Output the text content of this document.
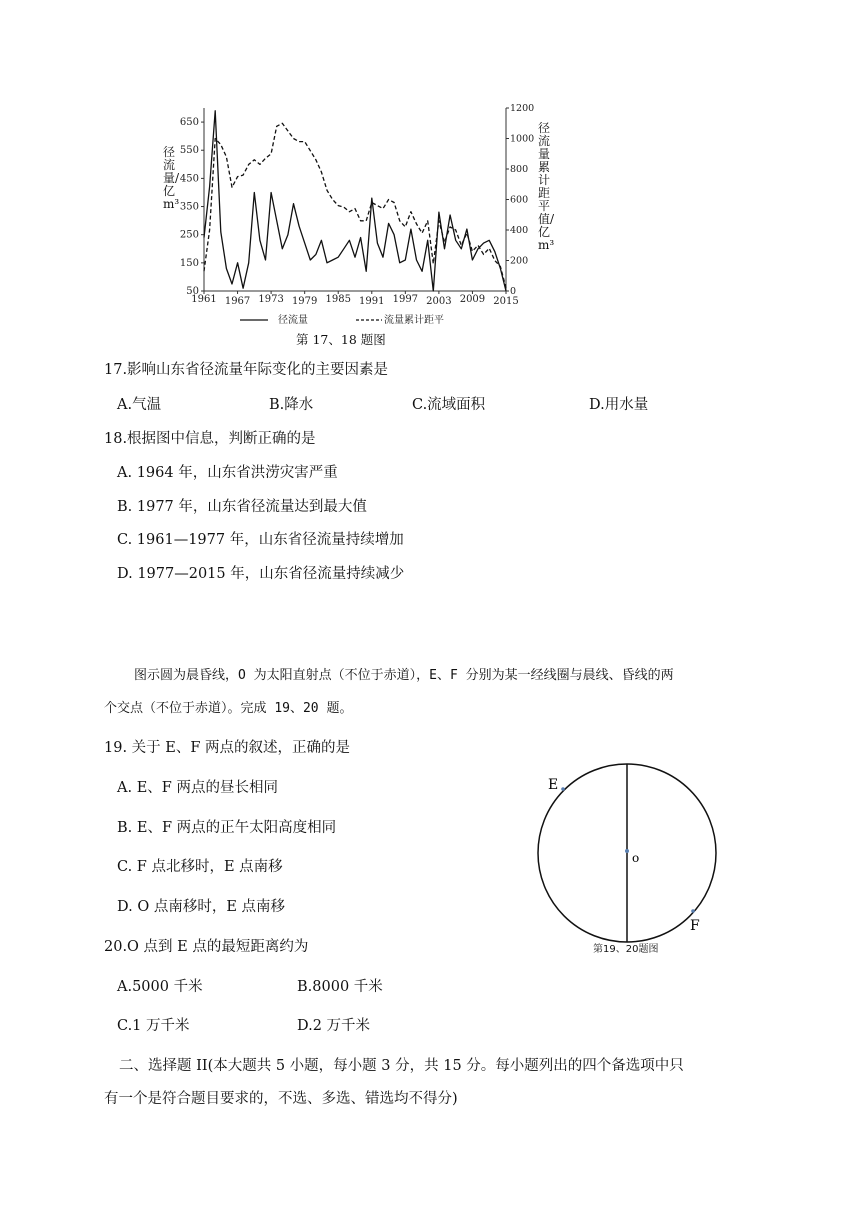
50
150
250
350
450
550
650
0
200
400
600
800
1000
1200
1961 1967 1973 1979 1985 1991 1997 2003 2009 2015
径流量	流量累计距平
径流量/亿m³
径流量累计距平值/亿m³
第 17、18 题图
17.影响山东省径流量年际变化的主要因素是
A.气温	B.降水	C.流域面积	D.用水量
18.根据图中信息，判断正确的是
A. 1964 年，山东省洪涝灾害严重
B. 1977 年，山东省径流量达到最大值
C. 1961—1977 年，山东省径流量持续增加
D. 1977—2015 年，山东省径流量持续减少
图示圆为晨昏线，O 为太阳直射点（不位于赤道），E、F 分别为某一经线圈与晨线、昏线的两
个交点（不位于赤道）。完成 19、20 题。
19. 关于 E、F 两点的叙述，正确的是
A. E、F 两点的昼长相同
B. E、F 两点的正午太阳高度相同
C. F 点北移时，E 点南移
D. O 点南移时，E 点南移
E
o
F
第19、20题图
20.O 点到 E 点的最短距离约为
A.5000 千米	B.8000 千米
C.1 万千米	D.2 万千米
二、选择题 II(本大题共 5 小题，每小题 3 分，共 15 分。每小题列出的四个备选项中只
有一个是符合题目要求的，不选、多选、错选均不得分)
